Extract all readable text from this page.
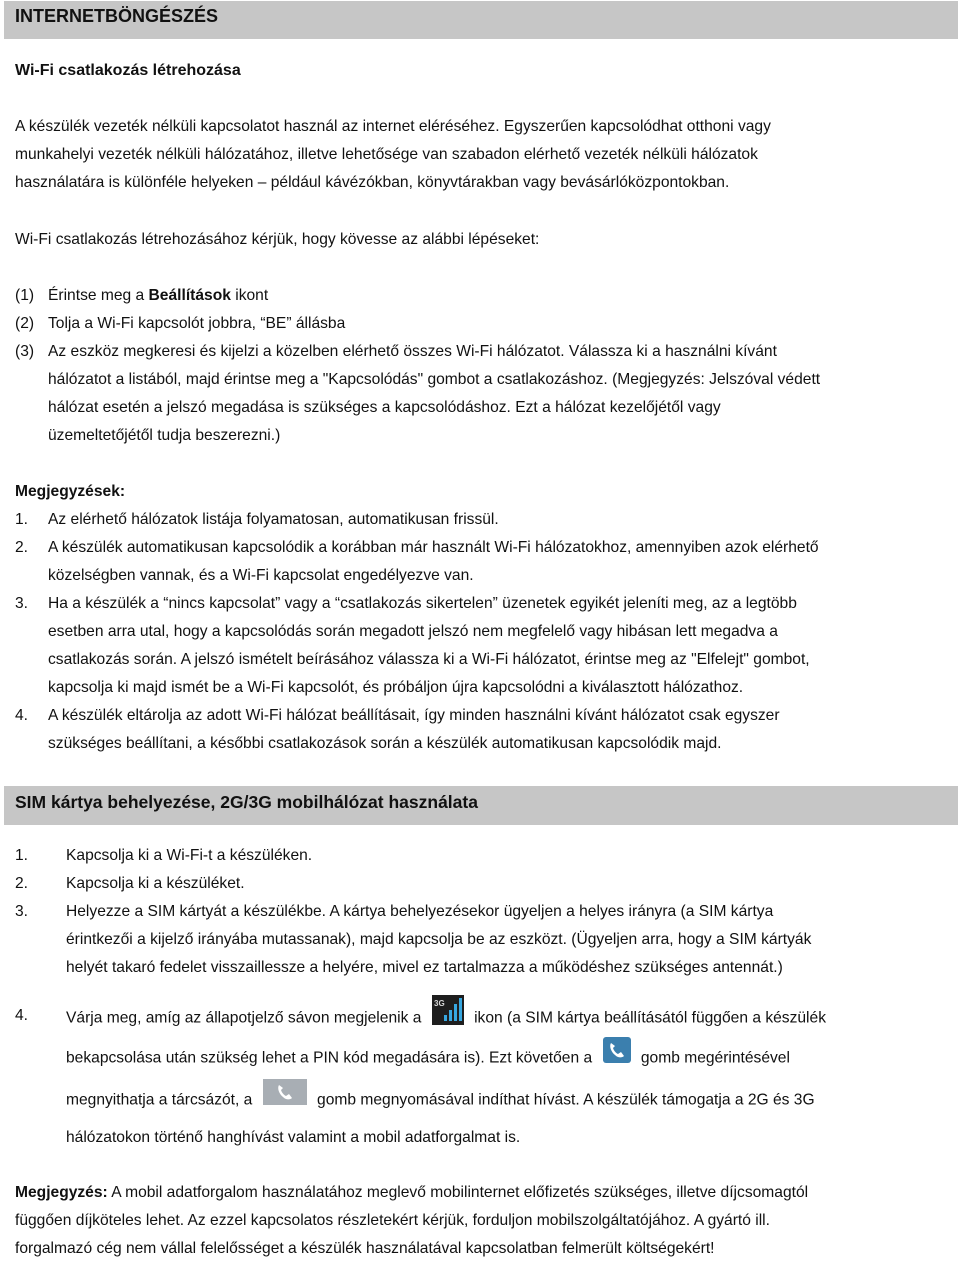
INTERNETBÖNGÉSZÉS
Wi-Fi csatlakozás létrehozása
A készülék vezeték nélküli kapcsolatot használ az internet eléréséhez. Egyszerűen kapcsolódhat otthoni vagy
munkahelyi vezeték nélküli hálózatához, illetve lehetősége van szabadon elérhető vezeték nélküli hálózatok
használatára is különféle helyeken – például kávézókban, könyvtárakban vagy bevásárlóközpontokban.
Wi-Fi csatlakozás létrehozásához kérjük, hogy kövesse az alábbi lépéseket:
(1) Érintse meg a Beállítások ikont
(2) Tolja a Wi-Fi kapcsolót jobbra, “BE” állásba
(3) Az eszköz megkeresi és kijelzi a közelben elérhető összes Wi-Fi hálózatot. Válassza ki a használni kívánt
hálózatot a listából, majd érintse meg a "Kapcsolódás" gombot a csatlakozáshoz. (Megjegyzés: Jelszóval védett
hálózat esetén a jelszó megadása is szükséges a kapcsolódáshoz. Ezt a hálózat kezelőjétől vagy
üzemeltetőjétől tudja beszerezni.)
Megjegyzések:
1. Az elérhető hálózatok listája folyamatosan, automatikusan frissül.
2. A készülék automatikusan kapcsolódik a korábban már használt Wi-Fi hálózatokhoz, amennyiben azok elérhető
közelségben vannak, és a Wi-Fi kapcsolat engedélyezve van.
3. Ha a készülék a “nincs kapcsolat” vagy a “csatlakozás sikertelen” üzenetek egyikét jeleníti meg, az a legtöbb
esetben arra utal, hogy a kapcsolódás során megadott jelszó nem megfelelő vagy hibásan lett megadva a
csatlakozás során. A jelszó ismételt beírásához válassza ki a Wi-Fi hálózatot, érintse meg az "Elfelejt" gombot,
kapcsolja ki majd ismét be a Wi-Fi kapcsolót, és próbáljon újra kapcsolódni a kiválasztott hálózathoz.
4. A készülék eltárolja az adott Wi-Fi hálózat beállításait, így minden használni kívánt hálózatot csak egyszer
szükséges beállítani, a későbbi csatlakozások során a készülék automatikusan kapcsolódik majd.
SIM kártya behelyezése, 2G/3G mobilhálózat használata
1. Kapcsolja ki a Wi-Fi-t a készüléken.
2. Kapcsolja ki a készüléket.
3. Helyezze a SIM kártyát a készülékbe. A kártya behelyezésekor ügyeljen a helyes irányra (a SIM kártya
érintkezői a kijelző irányába mutassanak), majd kapcsolja be az eszközt. (Ügyeljen arra, hogy a SIM kártyák
helyét takaró fedelet visszaillessze a helyére, mivel ez tartalmazza a működéshez szükséges antennát.)
4. Várja meg, amíg az állapotjelző sávon megjelenik a
3G
ikon (a SIM kártya beállításától függően a készülék
bekapcsolása után szükség lehet a PIN kód megadására is). Ezt követően a	gomb megérintésével
megnyithatja a tárcsázót, a	gomb megnyomásával indíthat hívást. A készülék támogatja a 2G és 3G
hálózatokon történő hanghívást valamint a mobil adatforgalmat is.
Megjegyzés: A mobil adatforgalom használatához meglevő mobilinternet előfizetés szükséges, illetve díjcsomagtól
függően díjköteles lehet. Az ezzel kapcsolatos részletekért kérjük, forduljon mobilszolgáltatójához. A gyártó ill.
forgalmazó cég nem vállal felelősséget a készülék használatával kapcsolatban felmerült költségekért!
